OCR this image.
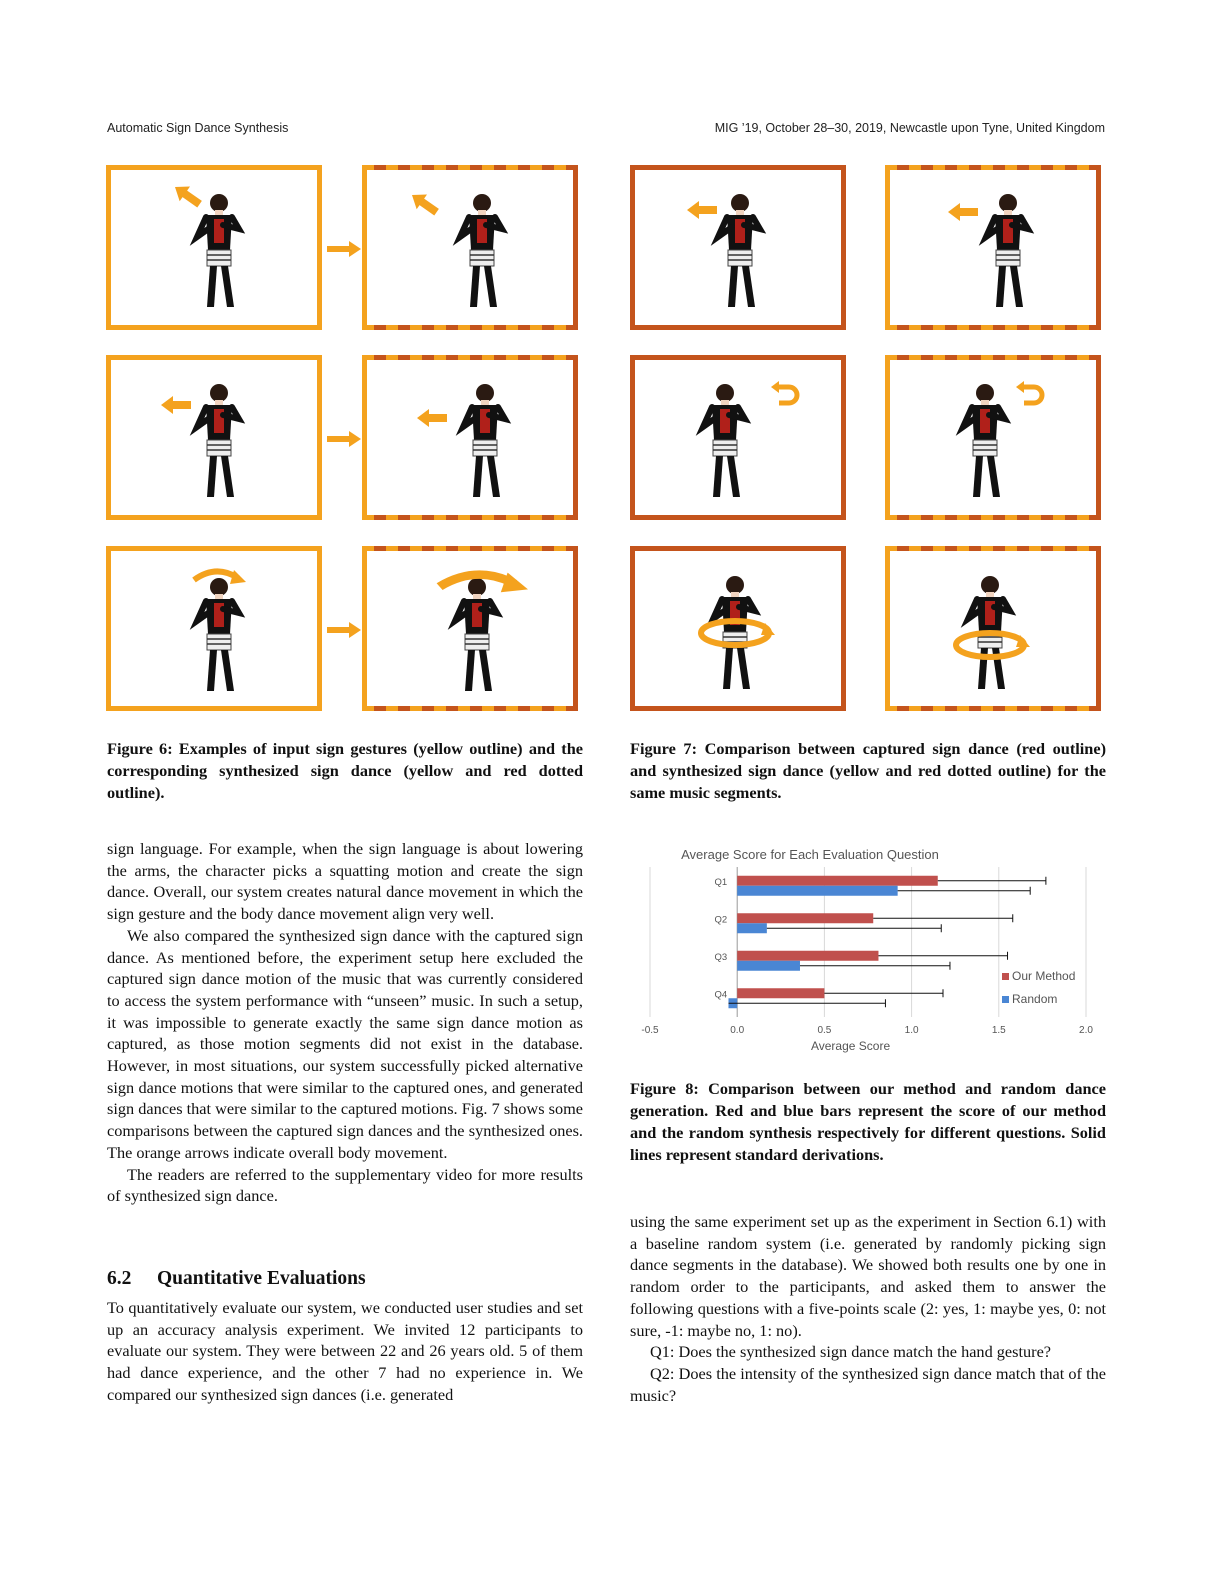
Automatic Sign Dance Synthesis	MIG ’19, October 28–30, 2019, Newcastle upon Tyne, United Kingdom
Figure 6: Examples of input sign gestures (yellow outline) and the corresponding synthesized sign dance (yellow and red dotted outline).
Figure 7: Comparison between captured sign dance (red outline) and synthesized sign dance (yellow and red dotted outline) for the same music segments.
Average Score for Each Evaluation Question
-0.5	0.0	0.5	1.0	1.5	2.0
Average Score
Q1
Q2
Q3
Q4
Our Method
Random
Figure 8: Comparison between our method and random dance generation. Red and blue bars represent the score of our method and the random synthesis respectively for different questions. Solid lines represent standard derivations.

sign language. For example, when the sign language is about lowering the arms, the character picks a squatting motion and create the sign dance. Overall, our system creates natural dance movement in which the sign gesture and the body dance movement align very well.

We also compared the synthesized sign dance with the captured sign dance. As mentioned before, the experiment setup here excluded the captured sign dance motion of the music that was currently considered to access the system performance with “unseen” music. In such a setup, it was impossible to generate exactly the same sign dance motion as captured, as those motion segments did not exist in the database. However, in most situations, our system successfully picked alternative sign dance motions that were similar to the captured ones, and generated sign dances that were similar to the captured motions. Fig. 7 shows some comparisons between the captured sign dances and the synthesized ones. The orange arrows indicate overall body movement.

The readers are referred to the supplementary video for more results of synthesized sign dance.

6.2 Quantitative Evaluations

To quantitatively evaluate our system, we conducted user studies and set up an accuracy analysis experiment. We invited 12 participants to evaluate our system. They were between 22 and 26 years old. 5 of them had dance experience, and the other 7 had no experience in. We compared our synthesized sign dances (i.e. generated

using the same experiment set up as the experiment in Section 6.1) with a baseline random system (i.e. generated by randomly picking sign dance segments in the database). We showed both results one by one in random order to the participants, and asked them to answer the following questions with a five-points scale (2: yes, 1: maybe yes, 0: not sure, -1: maybe no, 1: no).

Q1: Does the synthesized sign dance match the hand gesture?

Q2: Does the intensity of the synthesized sign dance match that of the music?
